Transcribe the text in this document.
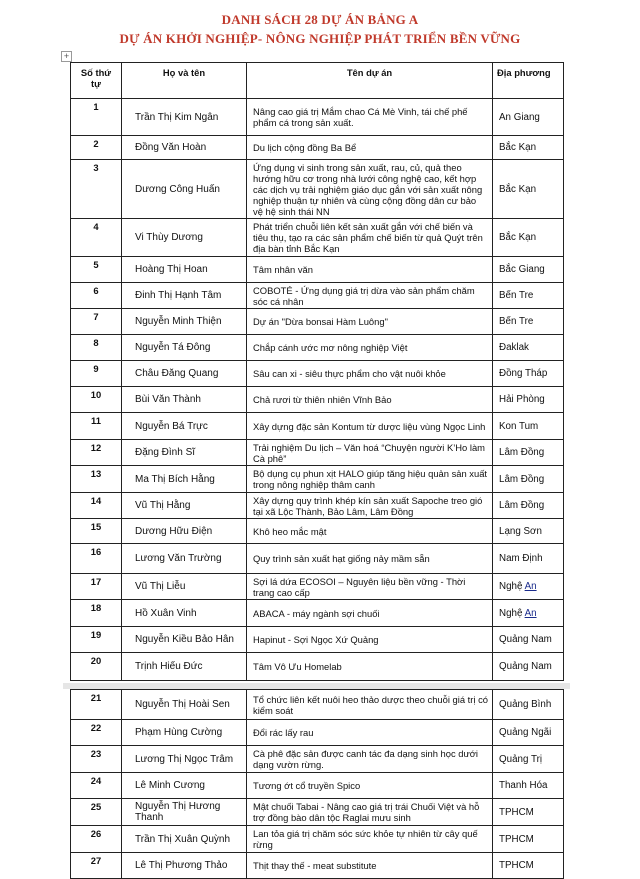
DANH SÁCH 28 DỰ ÁN BẢNG A
DỰ ÁN KHỞI NGHIỆP- NÔNG NGHIỆP PHÁT TRIỂN BỀN VỮNG
+
Số thứ tự	Họ và tên	Tên dự án	Địa phương
1	Trần Thị Kim Ngân	Nâng cao giá trị Mắm chao Cá Mè Vinh, tái chế phế phẩm cá trong sản xuất.	An Giang
2	Đồng Văn Hoàn	Du lịch cộng đồng Ba Bể	Bắc Kạn
3	Dương Công Huấn	Ứng dụng vi sinh trong sản xuất, rau, củ, quả theo hướng hữu cơ trong nhà lưới công nghệ cao, kết hợp các dịch vụ trải nghiệm giáo dục gắn với sản xuất nông nghiệp thuận tự nhiên và cùng cộng đồng dân cư bảo vệ hệ sinh thái NN	Bắc Kạn
4	Vi Thùy Dương	Phát triển chuỗi liên kết sản xuất gắn với chế biến và tiêu thụ, tạo ra các sản phẩm chế biến từ quả Quýt trên địa bàn tỉnh Bắc Kạn	Bắc Kạn
5	Hoàng Thị Hoan	Tâm nhân văn	Bắc Giang
6	Đinh Thị Hạnh Tâm	COBOTÉ - Ứng dụng giá trị dừa vào sản phẩm chăm sóc cá nhân	Bến Tre
7	Nguyễn Minh Thiện	Dự án "Dừa bonsai Hàm Luông"	Bến Tre
8	Nguyễn Tá Đông	Chắp cánh ước mơ nông nghiệp Việt	Đaklak
9	Châu Đăng Quang	Sâu can xi - siêu thực phẩm cho vật nuôi khỏe	Đồng Tháp
10	Bùi Văn Thành	Chả rươi từ thiên nhiên Vĩnh Bảo	Hải Phòng
11	Nguyễn Bá Trực	Xây dựng đặc sản Kontum từ dược liệu vùng Ngọc Linh	Kon Tum
12	Đặng Đình Sĩ	Trải nghiệm Du lịch – Văn hoá “Chuyện người K’Ho làm Cà phê”	Lâm Đồng
13	Ma Thị Bích Hằng	Bộ dụng cụ phun xịt HALO giúp tăng hiệu quản sản xuất trong nông nghiệp thâm canh	Lâm Đồng
14	Vũ Thị Hằng	Xây dựng quy trình khép kín sản xuất Sapoche treo gió tại xã Lộc Thành, Bảo Lâm, Lâm Đồng	Lâm Đồng
15	Dương Hữu Điện	Khô heo mắc mật	Lạng Sơn
16	Lương Văn Trường	Quy trình sản xuất hạt giống nảy mầm sẵn	Nam Định
17	Vũ Thị Liễu	Sợi lá dứa ECOSOI – Nguyên liệu bền vững - Thời trang cao cấp	Nghệ An
18	Hồ Xuân Vinh	ABACA - máy ngành sợi chuối	Nghệ An
19	Nguyễn Kiều Bảo Hân	Hapinut - Sợi Ngọc Xứ Quảng	Quảng Nam
20	Trịnh Hiếu Đức	Tâm Vô Ưu Homelab	Quảng Nam
21	Nguyễn Thị Hoài Sen	Tổ chức liên kết nuôi heo thảo dược theo chuỗi giá trị có kiểm soát	Quảng Bình
22	Phạm Hùng Cường	Đổi rác lấy rau	Quảng Ngãi
23	Lương Thị Ngọc Trâm	Cà phê đặc sản được canh tác đa dạng sinh học dưới dạng vườn rừng.	Quảng Trị
24	Lê Minh Cương	Tương ớt cổ truyền Spico	Thanh Hóa
25	Nguyễn Thị Hương Thanh	Mật chuối Tabai - Nâng cao giá trị trái Chuối Việt và hỗ trợ đồng bào dân tộc Raglai mưu sinh	TPHCM
26	Trần Thị Xuân Quỳnh	Lan tỏa giá trị chăm sóc sức khỏe tự nhiên từ cây quế rừng	TPHCM
27	Lê Thị Phương Thảo	Thịt thay thế - meat substitute	TPHCM
